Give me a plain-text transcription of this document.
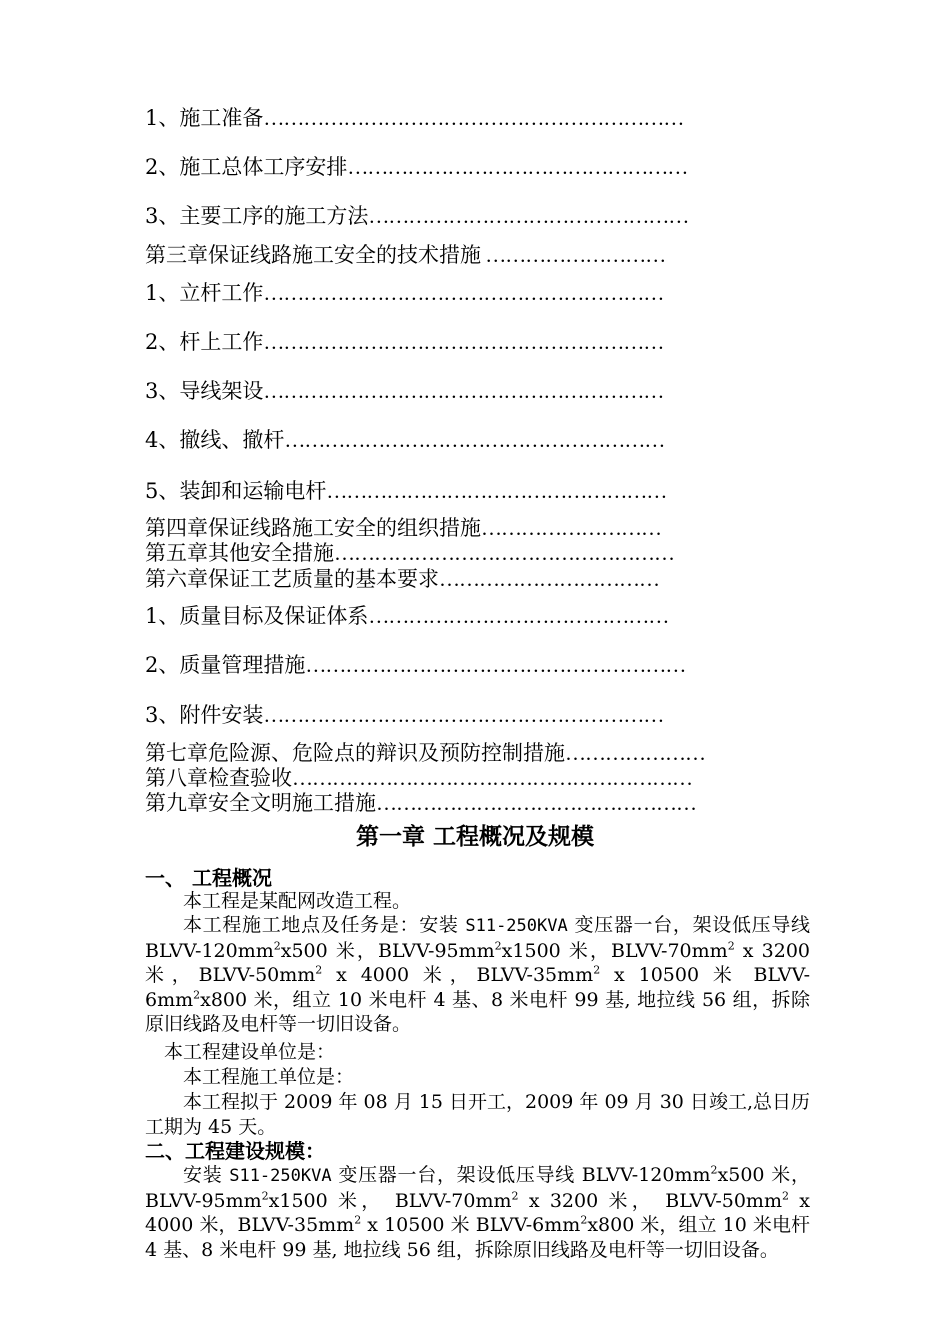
1、施工准备………………………………………………………
2、施工总体工序安排……………………………………………
3、主要工序的施工方法…………………………………………
第三章保证线路施工安全的技术措施 ………………………
1、立杆工作……………………………………………………
2、杆上工作……………………………………………………
3、导线架设……………………………………………………
4、撤线、撤杆…………………………………………………
5、装卸和运输电杆……………………………………………
第四章保证线路施工安全的组织措施………………………
第五章其他安全措施……………………………………………
第六章保证工艺质量的基本要求……………………………
1、质量目标及保证体系………………………………………
2、质量管理措施…………………………………………………
3、附件安装……………………………………………………
第七章危险源、危险点的辩识及预防控制措施…………………
第八章检查验收……………………………………………………
第九章安全文明施工措施…………………………………………
第一章 工程概况及规模
一、 工程概况
本工程是某配网改造工程。
本工程施工地点及任务是：安装 S11-250KVA 变压器一台，架设低压导线 BLVV-$120mm^2x500$ 米，BLVV-$95mm^2x1500$ 米，BLVV-$70mm^2$ x 3200 米，BLVV-$50mm^2$ x 4000 米，BLVV-$35mm^2$ x 10500 米 BLVV-$6mm^2x800$ 米，组立 10 米电杆 4 基、8 米电杆 99 基, 地拉线 56 组，拆除原旧线路及电杆等一切旧设备。
本工程建设单位是：
本工程施工单位是：
本工程拟于 2009 年 08 月 15 日开工，2009 年 09 月 30 日竣工,总日历工期为 45 天。
二、工程建设规模：
安装 S11-250KVA 变压器一台，架设低压导线 BLVV-$120mm^2x500$ 米，BLVV-$95mm^2x1500$ 米， BLVV-$70mm^2$ x 3200 米， BLVV-$50mm^2$ x 4000 米，BLVV-$35mm^2$ x 10500 米 BLVV-$6mm^2x800$ 米，组立 10 米电杆 4 基、8 米电杆 99 基, 地拉线 56 组，拆除原旧线路及电杆等一切旧设备。
